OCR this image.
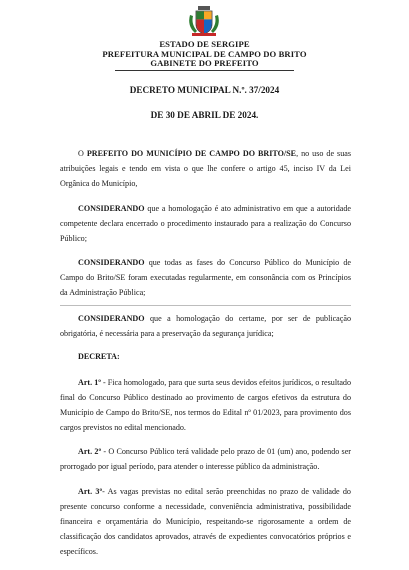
ESTADO DE SERGIPE
PREFEITURA MUNICIPAL DE CAMPO DO BRITO
GABINETE DO PREFEITO
DECRETO MUNICIPAL N.º. 37/2024
DE 30 DE ABRIL DE 2024.
O PREFEITO DO MUNICÍPIO DE CAMPO DO BRITO/SE, no uso de suas atribuições legais e tendo em vista o que lhe confere o artigo 45, inciso IV da Lei Orgânica do Município,
CONSIDERANDO que a homologação é ato administrativo em que a autoridade competente declara encerrado o procedimento instaurado para a realização do Concurso Público;
CONSIDERANDO que todas as fases do Concurso Público do Município de Campo do Brito/SE foram executadas regularmente, em consonância com os Princípios da Administração Pública;
CONSIDERANDO que a homologação do certame, por ser de publicação obrigatória, é necessária para a preservação da segurança jurídica;
DECRETA:
Art. 1º - Fica homologado, para que surta seus devidos efeitos jurídicos, o resultado final do Concurso Público destinado ao provimento de cargos efetivos da estrutura do Município de Campo do Brito/SE, nos termos do Edital nº 01/2023, para provimento dos cargos previstos no edital mencionado.
Art. 2º - O Concurso Público terá validade pelo prazo de 01 (um) ano, podendo ser prorrogado por igual período, para atender o interesse público da administração.
Art. 3º- As vagas previstas no edital serão preenchidas no prazo de validade do presente concurso conforme a necessidade, conveniência administrativa, possibilidade financeira e orçamentária do Município, respeitando-se rigorosamente a ordem de classificação dos candidatos aprovados, através de expedientes convocatórios próprios e específicos.
